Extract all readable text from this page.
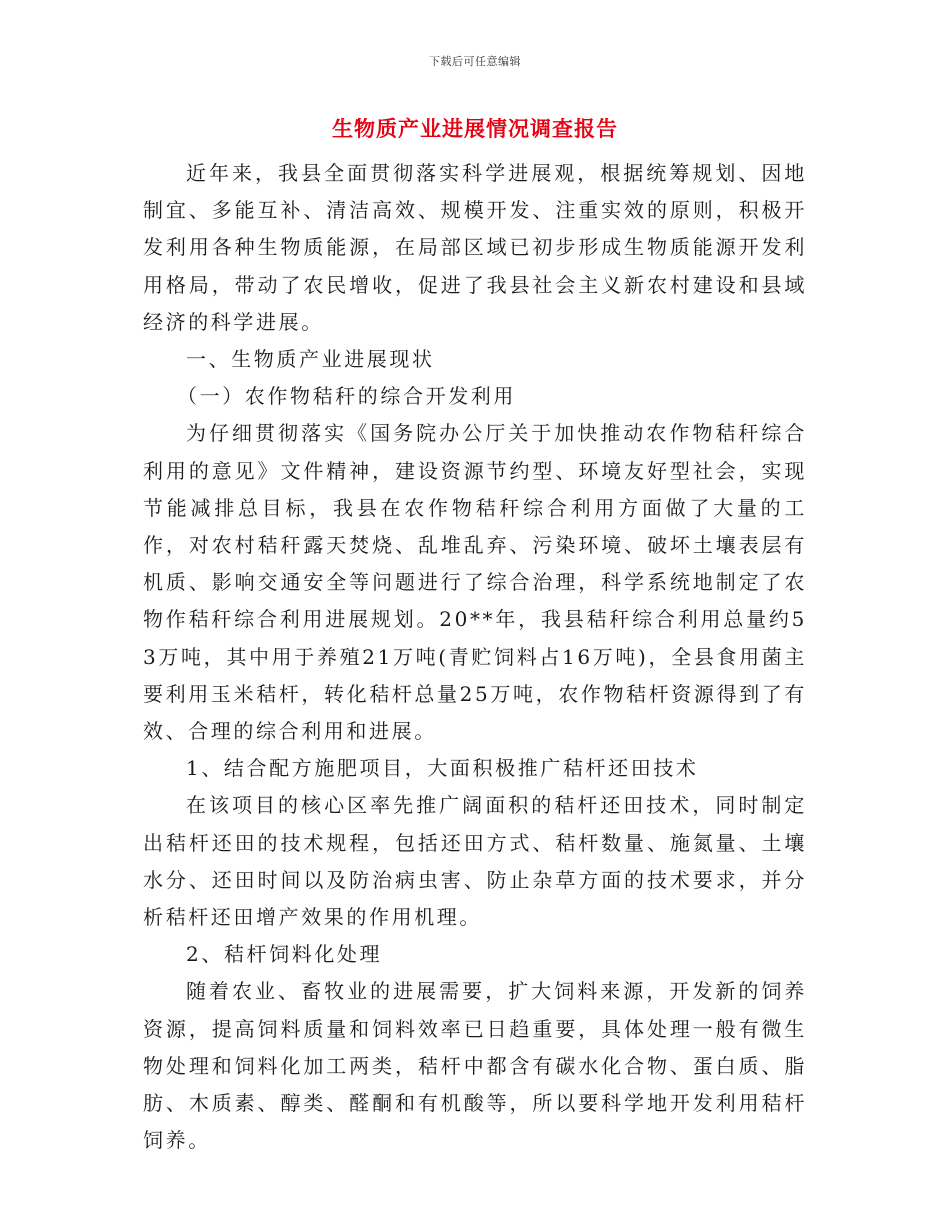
下载后可任意编辑
生物质产业进展情况调查报告

近年来，我县全面贯彻落实科学进展观，根据统筹规划、因地制宜、多能互补、清洁高效、规模开发、注重实效的原则，积极开发利用各种生物质能源，在局部区域已初步形成生物质能源开发利用格局，带动了农民增收，促进了我县社会主义新农村建设和县域经济的科学进展。

一、生物质产业进展现状

（一）农作物秸秆的综合开发利用

为仔细贯彻落实《国务院办公厅关于加快推动农作物秸秆综合利用的意见》文件精神，建设资源节约型、环境友好型社会，实现节能减排总目标，我县在农作物秸秆综合利用方面做了大量的工作，对农村秸秆露天焚烧、乱堆乱弃、污染环境、破坏土壤表层有机质、影响交通安全等问题进行了综合治理，科学系统地制定了农物作秸秆综合利用进展规划。20**年，我县秸秆综合利用总量约53万吨，其中用于养殖21万吨(青贮饲料占16万吨)，全县食用菌主要利用玉米秸杆，转化秸杆总量25万吨，农作物秸杆资源得到了有效、合理的综合利用和进展。

1、结合配方施肥项目，大面积极推广秸杆还田技术

在该项目的核心区率先推广阔面积的秸杆还田技术，同时制定出秸杆还田的技术规程，包括还田方式、秸杆数量、施氮量、土壤水分、还田时间以及防治病虫害、防止杂草方面的技术要求，并分析秸杆还田增产效果的作用机理。

2、秸杆饲料化处理

随着农业、畜牧业的进展需要，扩大饲料来源，开发新的饲养资源，提高饲料质量和饲料效率已日趋重要，具体处理一般有微生物处理和饲料化加工两类，秸杆中都含有碳水化合物、蛋白质、脂肪、木质素、醇类、醛酮和有机酸等，所以要科学地开发利用秸杆饲养。
